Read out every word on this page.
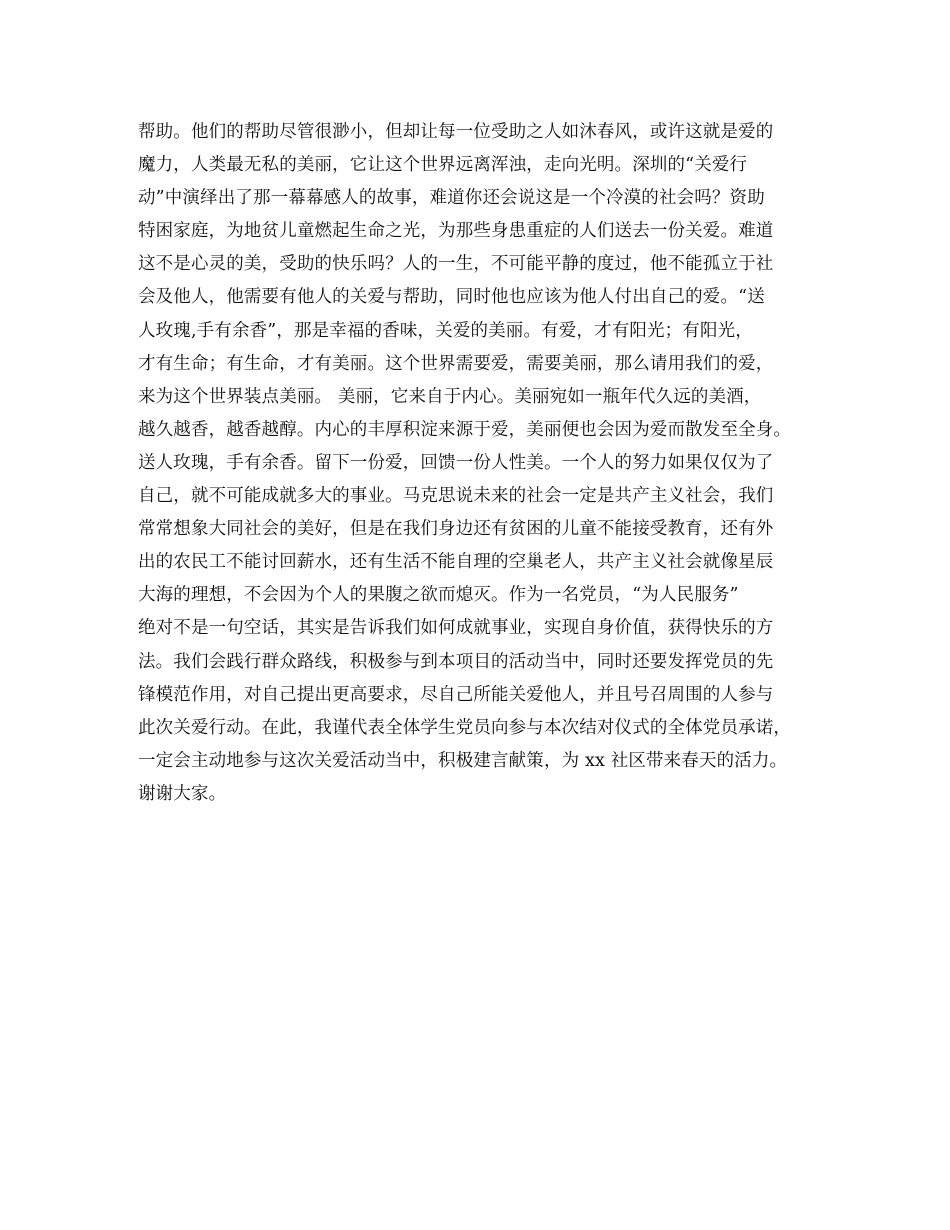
帮助。他们的帮助尽管很渺小，但却让每一位受助之人如沐春风，或许这就是爱的
魔力，人类最无私的美丽，它让这个世界远离浑浊，走向光明。深圳的“关爱行
动”中演绎出了那一幕幕感人的故事，难道你还会说这是一个冷漠的社会吗？资助
特困家庭，为地贫儿童燃起生命之光，为那些身患重症的人们送去一份关爱。难道
这不是心灵的美，受助的快乐吗？人的一生，不可能平静的度过，他不能孤立于社
会及他人，他需要有他人的关爱与帮助，同时他也应该为他人付出自己的爱。“送
人玫瑰,手有余香”，那是幸福的香味，关爱的美丽。有爱，才有阳光；有阳光，
才有生命；有生命，才有美丽。这个世界需要爱，需要美丽，那么请用我们的爱，
来为这个世界装点美丽。 美丽，它来自于内心。美丽宛如一瓶年代久远的美酒，
越久越香，越香越醇。内心的丰厚积淀来源于爱，美丽便也会因为爱而散发至全身。
送人玫瑰，手有余香。留下一份爱，回馈一份人性美。一个人的努力如果仅仅为了
自己，就不可能成就多大的事业。马克思说未来的社会一定是共产主义社会，我们
常常想象大同社会的美好，但是在我们身边还有贫困的儿童不能接受教育，还有外
出的农民工不能讨回薪水，还有生活不能自理的空巢老人，共产主义社会就像星辰
大海的理想，不会因为个人的果腹之欲而熄灭。作为一名党员，“为人民服务”
绝对不是一句空话，其实是告诉我们如何成就事业，实现自身价值，获得快乐的方
法。我们会践行群众路线，积极参与到本项目的活动当中，同时还要发挥党员的先
锋模范作用，对自己提出更高要求，尽自己所能关爱他人，并且号召周围的人参与
此次关爱行动。在此，我谨代表全体学生党员向参与本次结对仪式的全体党员承诺，
一定会主动地参与这次关爱活动当中，积极建言献策，为 xx 社区带来春天的活力。
谢谢大家。
